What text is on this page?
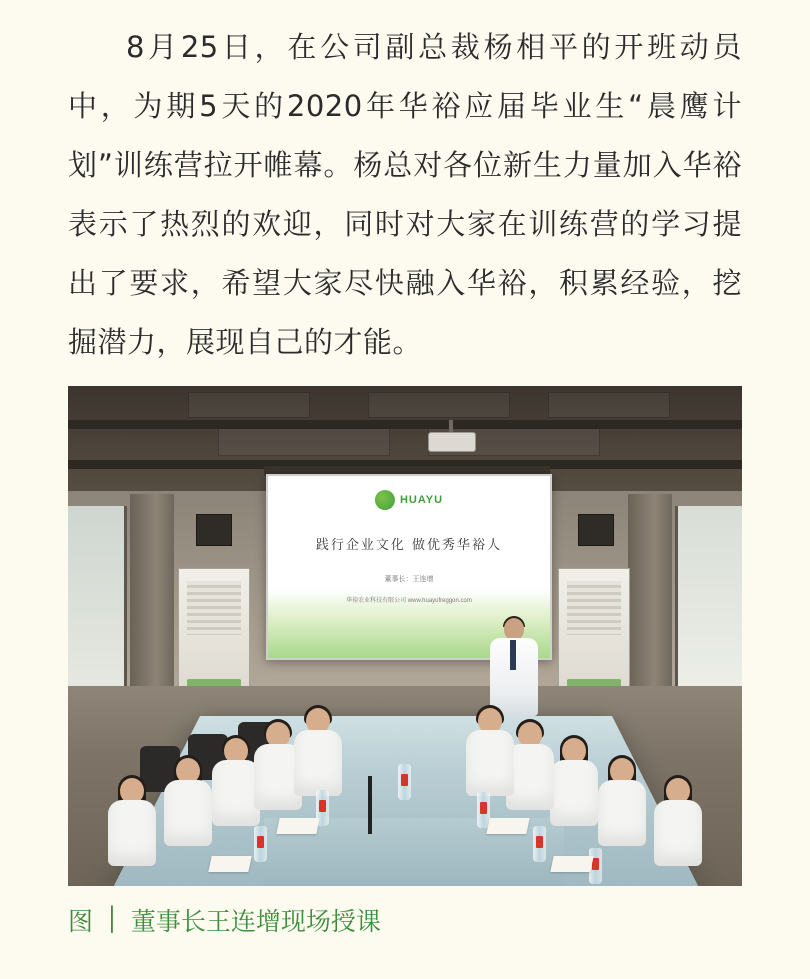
8月25日，在公司副总裁杨相平的开班动员中，为期5天的2020年华裕应届毕业生“晨鹰计划”训练营拉开帷幕。杨总对各位新生力量加入华裕表示了热烈的欢迎，同时对大家在训练营的学习提出了要求，希望大家尽快融入华裕，积累经验，挖掘潜力，展现自己的才能。

HUAYU
践行企业文化 做优秀华裕人
董事长：王连增
华裕农业科技有限公司 www.huayufreggon.com
图 │ 董事长王连增现场授课
